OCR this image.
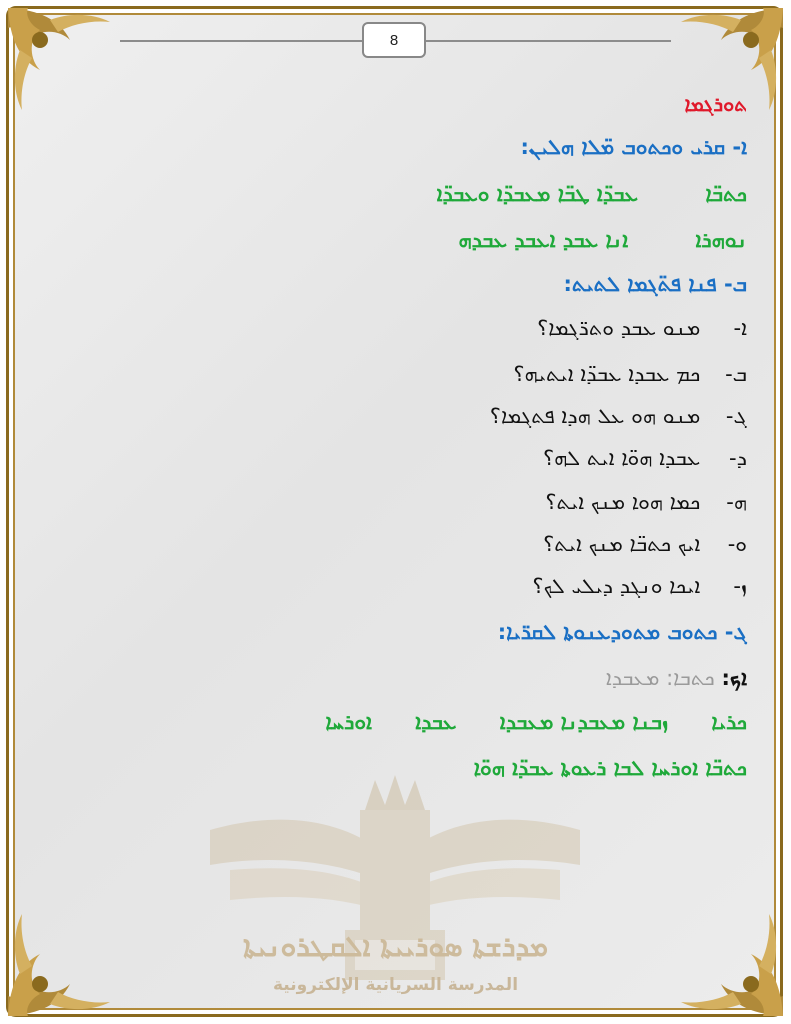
8
ܡܕܪܫܬܐ ܣܘܪܝܝܬܐ ܐܠܩܛܪܘܢܝܬܐ
المدرسة السريانية الإلكترونية
ܬܘܪܓܡܐ
ܐ- ܩܪܝ ܘܟܬܘܒ ܡ̈ܠܐ ܗܠܝܢ:
ܟܬܒ̈ܐ ܥܒܕ̈ܐ ܛܒ̈ܐ ܡܥܒܕ̈ܐ ܘܥܒܕ̈ܐ
ܢܘܗܪܐ ܐܢܐ ܥܒܕ ܐܥܒܕ ܥܒܕܗ
ܒ- ܦܢܐ ܦܬ̈ܓܡܐ ܠܬܝܬ:
ܐ- ܡܢܘ ܥܒܕ ܘܬܪ̈ܓܡܐ؟
ܒ- ܟܡ ܥܒܕܐ ܥܒܕ̈ܐ ܐܝܬܝܗ؟
ܓ- ܡܢܘ ܗܘ ܥܠ ܗܕܐ ܦܬܓܡܐ؟
ܕ- ܥܒܕܐ ܗܘ̈ܐ ܐܝܬ ܠܗ؟
ܗ- ܟܡܐ ܗܘܐ ܡܢܟ ܐܝܬ؟
ܘ- ܐܝܟ ܟܬܒ̈ܐ ܡܢܟ ܐܝܬ؟
ܙ- ܐܝܟܐ ܘܢܓܕ ܕܝܠܝ ܠܟ؟
ܓ- ܟܬܘܒ ܡܬܘܕܥܢܘܬܐ ܠܩܪ̈ܝܐ:
ܐܟ: ܟܬܒܐ: ܡܥܒܕܐ
ܟܪܝܐ ܙܒܢܐ ܡܥܒܕܢܐ ܡܥܒܕܐ ܥܒܕܐ ܐܘܪܚܐ
ܟܬܒ̈ܐ ܐܘܪܚܐ ܠܒܐ ܪܥܘܬܐ ܥܒܕ̈ܐ ܗܘ̈ܐ
